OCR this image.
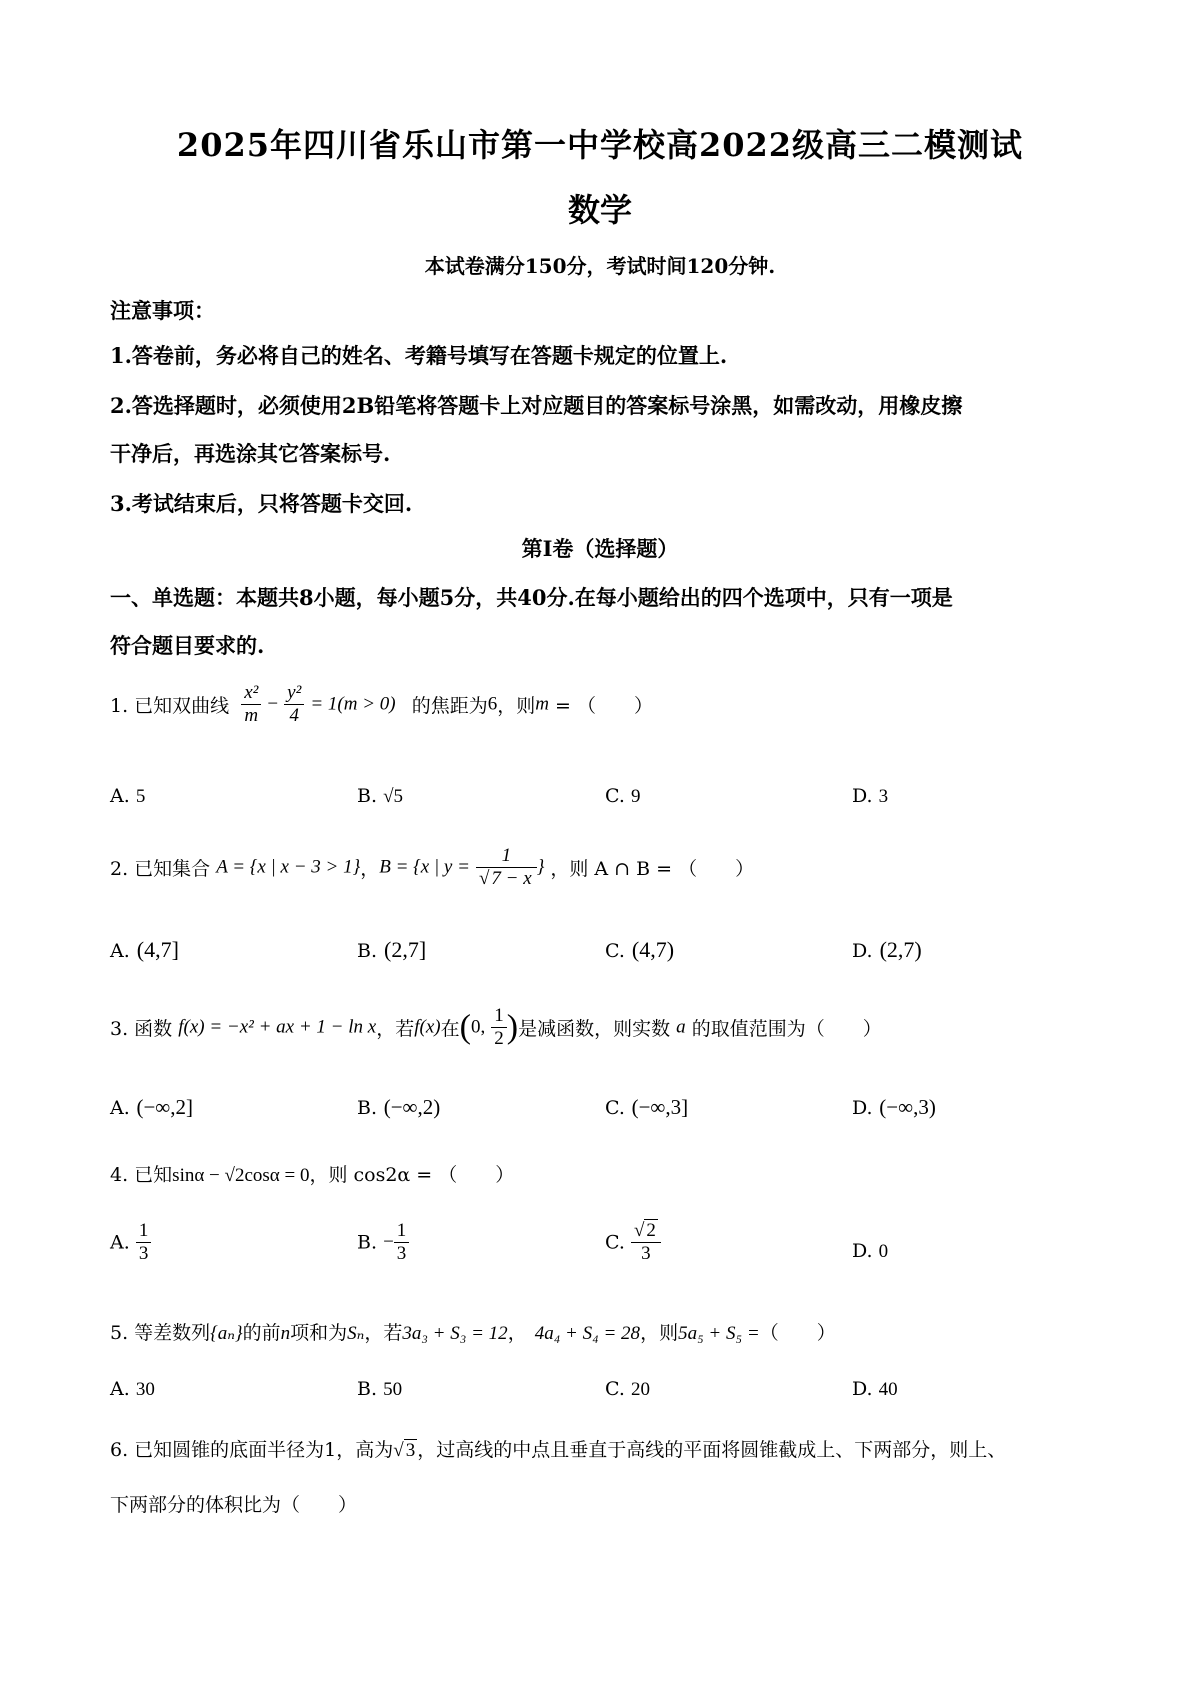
2025年四川省乐山市第一中学校高2022级高三二模测试
数学
本试卷满分150分，考试时间120分钟.
注意事项：
1.答卷前，务必将自己的姓名、考籍号填写在答题卡规定的位置上.
2.答选择题时，必须使用2B铅笔将答题卡上对应题目的答案标号涂黑，如需改动，用橡皮擦
干净后，再选涂其它答案标号.
3.考试结束后，只将答题卡交回.
第I卷（选择题）
一、单选题：本题共8小题，每小题5分，共40分.在每小题给出的四个选项中，只有一项是
符合题目要求的.
1. 已知双曲线 $\frac{\text{x²}}{m} - \frac{\text{y²}}{4} = 1(m > 0)$ 的焦距为6，则m = （　　）
A. 5	B. √5	C. 9	D. 3
2. 已知集合 A = {x | x − 3 > 1}，B = {x | $y = \frac{1}{√ 7 - x}$ } ，则 A ∩ B = （　　）
A. (4,7]	B. (2,7]	C. (4,7)	D. (2,7)
3. 函数 f(x) = −x² + ax + 1 − ln x，若f(x)在(0, $\frac{1}{2}$ )是减函数，则实数 a 的取值范围为（　　）
A. (−∞,2]	B. (−∞,2)	C. (−∞,3]	D. (−∞,3)
4. 已知sinα − √2cosα = 0，则 cos2α = （　　）
A. $\frac{1}{3}$	B. − $\frac{1}{3}$	C. $\frac{√ 2}{3}$	D. 0
5. 等差数列{aₙ}的前n项和为Sₙ，若3a₃ + S₃ = 12， 4a₄ + S₄ = 28，则5a₅ + S₅ =（　　）
A. 30	B. 50	C. 20	D. 40
6. 已知圆锥的底面半径为1，高为√ 3 ，过高线的中点且垂直于高线的平面将圆锥截成上、下两部分，则上、
下两部分的体积比为（　　）
